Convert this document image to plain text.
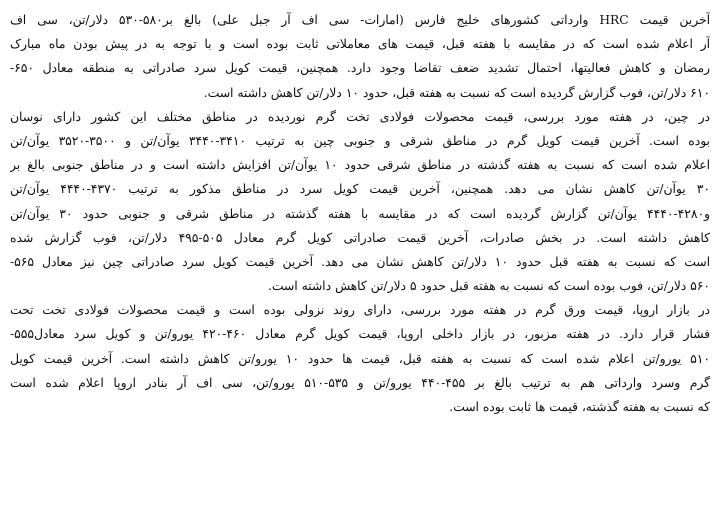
آخرین قیمت HRC وارداتی کشورهای خلیج فارس (امارات- سی اف آر جبل علی) بالغ بر۵۸۰-۵۳۰ دلار/تن، سی اف
آر اعلام شده است که در مقایسه با هفته قبل، قیمت های معاملاتی ثابت بوده است و با توجه به در پیش بودن ماه مبارک
رمضان و کاهش فعالیتها، احتمال تشدید ضعف تقاضا وجود دارد. همچنین، قیمت کویل سرد صادراتی به منطقه معادل ۶۵۰-
۶۱۰ دلار/تن، فوب گزارش گردیده است که نسبت به هفته قبل، حدود ۱۰ دلار/تن کاهش داشته است.
در چین، در هفته مورد بررسی، قیمت محصولات فولادی تخت گرم نوردیده در مناطق مختلف این کشور دارای نوسان
بوده است. آخرین قیمت کویل گرم در مناطق شرقی و جنوبی چین به ترتیب ۳۴۱۰-۳۴۴۰ یوآن/تن و ۳۵۰۰-۳۵۲۰ یوآن/تن
اعلام شده است که نسبت به هفته گذشته در مناطق شرقی حدود ۱۰ یوآن/تن افزایش داشته است و در مناطق جنوبی بالغ بر
۳۰ یوآن/تن کاهش نشان می دهد. همچنین، آخرین قیمت کویل سرد در مناطق مذکور به ترتیب ۴۳۷۰-۴۴۴۰ یوآن/تن
و۴۲۸۰-۴۴۴۰ یوآن/تن گزارش گردیده است که در مقایسه با هفته گذشته در مناطق شرقی و جنوبی حدود ۳۰ یوآن/تن
کاهش داشته است. در بخش صادرات، آخرین قیمت صادراتی کویل گرم معادل ۵۰۵-۴۹۵ دلار/تن، فوب گزارش شده
است که نسبت به هفته قبل حدود ۱۰ دلار/تن کاهش نشان می دهد. آخرین قیمت کویل سرد صادراتی چین نیز معادل ۵۶۵-
۵۶۰ دلار/تن، فوب بوده است که نسبت به هفته قبل حدود ۵ دلار/تن کاهش داشته است.
در بازار اروپا، قیمت ورق گرم در هفته مورد بررسی، دارای روند نزولی بوده است و قیمت محصولات فولادی تخت تحت
فشار قرار دارد. در هفته مزبور، در بازار داخلی اروپا، قیمت کویل گرم معادل ۴۶۰-۴۲۰ یورو/تن و کویل سرد معادل۵۵۵-
۵۱۰ یورو/تن اعلام شده است که نسبت به هفته قبل، قیمت ها حدود ۱۰ یورو/تن کاهش داشته است. آخرین قیمت کویل
گرم وسرد وارداتی هم به ترتیب بالغ بر ۴۵۵-۴۴۰ یورو/تن و ۵۳۵-۵۱۰ یورو/تن، سی اف آر بنادر اروپا اعلام شده است
که نسبت به هفته گذشته، قیمت ها ثابت بوده است.
